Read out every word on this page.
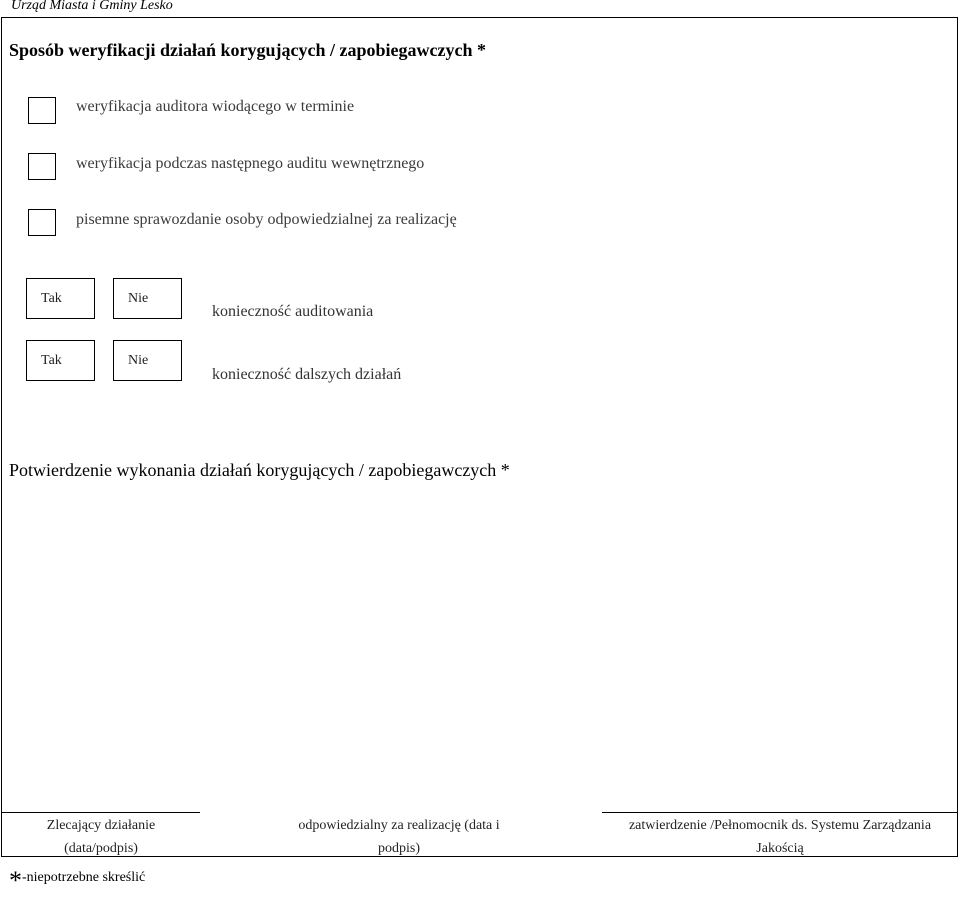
Urząd Miasta i Gminy Lesko
Sposób weryfikacji działań korygujących / zapobiegawczych *
weryfikacja auditora wiodącego w terminie
weryfikacja podczas następnego auditu wewnętrznego
pisemne sprawozdanie osoby odpowiedzialnej za realizację
Tak	Nie
konieczność auditowania
Tak	Nie
konieczność dalszych działań
Potwierdzenie wykonania działań korygujących / zapobiegawczych *
Zlecający działanie
(data/podpis)
odpowiedzialny za realizację (data i
podpis)
zatwierdzenie /Pełnomocnik ds. Systemu Zarządzania
Jakością
*-niepotrzebne skreślić
